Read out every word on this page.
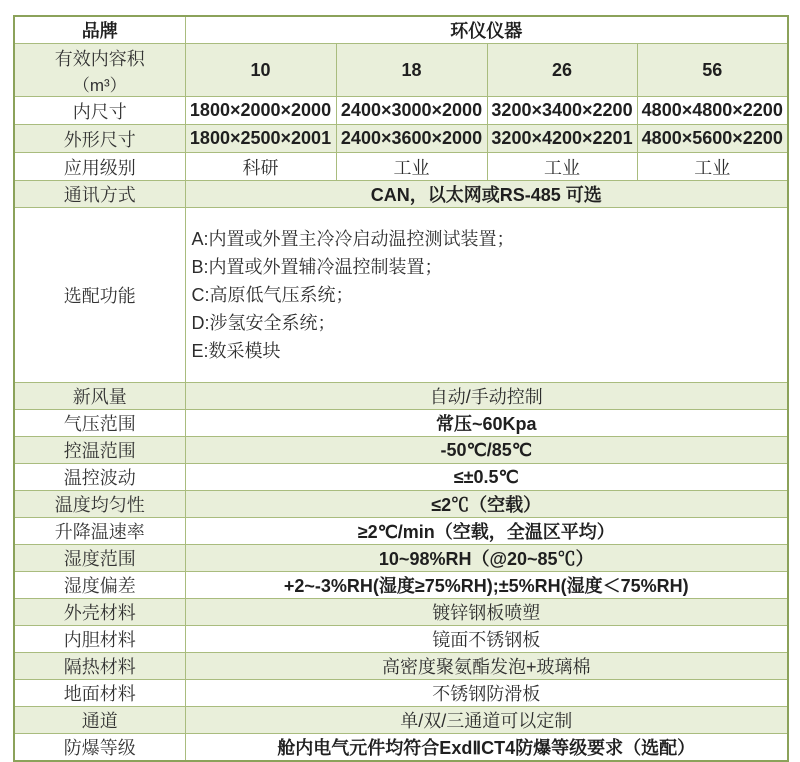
品牌	环仪仪器			

有效内容积
（m³）	10	18	26	56
内尺寸	1800×2000×2000	2400×3000×2000	3200×3400×2200	4800×4800×2200
外形尺寸	1800×2500×2001	2400×3600×2000	3200×4200×2201	4800×5600×2200
应用级别	科研	工业	工业	工业
通讯方式	CAN，以太网或RS-485 可选			
选配功能	A:内置或外置主冷冷启动温控测试装置；
B:内置或外置辅冷温控制装置；
C:高原低气压系统；
D:涉氢安全系统；
E:数采模块			

新风量	自动/手动控制			
气压范围	常压~60Kpa			
控温范围	-50℃/85℃			
温控波动	≤±0.5℃			
温度均匀性	≤2℃（空载）			
升降温速率	≥2℃/min（空载，全温区平均）			
湿度范围	10~98%RH（@20~85℃）			
湿度偏差	+2~-3%RH(湿度≥75%RH);±5%RH(湿度＜75%RH)			
外壳材料	镀锌钢板喷塑			
内胆材料	镜面不锈钢板			
隔热材料	高密度聚氨酯发泡+玻璃棉			
地面材料	不锈钢防滑板			
通道	单/双/三通道可以定制			
防爆等级	舱内电气元件均符合ExdⅡCT4防爆等级要求（选配）			
